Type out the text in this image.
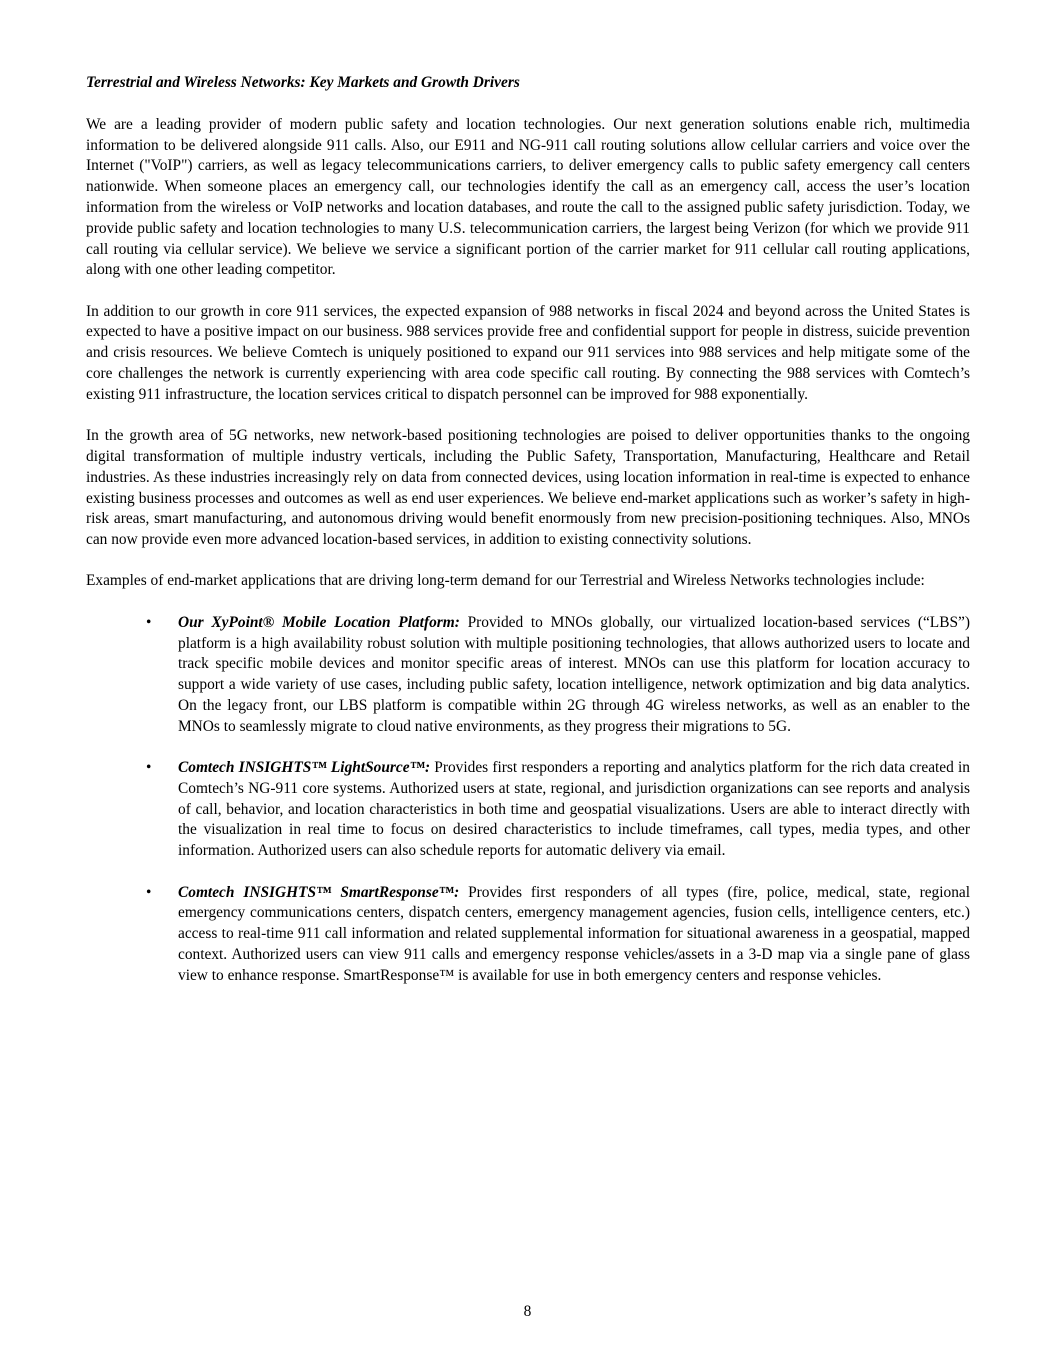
Terrestrial and Wireless Networks: Key Markets and Growth Drivers

We are a leading provider of modern public safety and location technologies. Our next generation solutions enable rich, multimedia information to be delivered alongside 911 calls. Also, our E911 and NG-911 call routing solutions allow cellular carriers and voice over the Internet ("VoIP") carriers, as well as legacy telecommunications carriers, to deliver emergency calls to public safety emergency call centers nationwide. When someone places an emergency call, our technologies identify the call as an emergency call, access the user’s location information from the wireless or VoIP networks and location databases, and route the call to the assigned public safety jurisdiction. Today, we provide public safety and location technologies to many U.S. telecommunication carriers, the largest being Verizon (for which we provide 911 call routing via cellular service). We believe we service a significant portion of the carrier market for 911 cellular call routing applications, along with one other leading competitor.

In addition to our growth in core 911 services, the expected expansion of 988 networks in fiscal 2024 and beyond across the United States is expected to have a positive impact on our business. 988 services provide free and confidential support for people in distress, suicide prevention and crisis resources. We believe Comtech is uniquely positioned to expand our 911 services into 988 services and help mitigate some of the core challenges the network is currently experiencing with area code specific call routing. By connecting the 988 services with Comtech’s existing 911 infrastructure, the location services critical to dispatch personnel can be improved for 988 exponentially.

In the growth area of 5G networks, new network-based positioning technologies are poised to deliver opportunities thanks to the ongoing digital transformation of multiple industry verticals, including the Public Safety, Transportation, Manufacturing, Healthcare and Retail industries. As these industries increasingly rely on data from connected devices, using location information in real-time is expected to enhance existing business processes and outcomes as well as end user experiences. We believe end-market applications such as worker’s safety in high-risk areas, smart manufacturing, and autonomous driving would benefit enormously from new precision-positioning techniques. Also, MNOs can now provide even more advanced location-based services, in addition to existing connectivity solutions.

Examples of end-market applications that are driving long-term demand for our Terrestrial and Wireless Networks technologies include:

• Our XyPoint® Mobile Location Platform: Provided to MNOs globally, our virtualized location-based services (“LBS”) platform is a high availability robust solution with multiple positioning technologies, that allows authorized users to locate and track specific mobile devices and monitor specific areas of interest. MNOs can use this platform for location accuracy to support a wide variety of use cases, including public safety, location intelligence, network optimization and big data analytics. On the legacy front, our LBS platform is compatible within 2G through 4G wireless networks, as well as an enabler to the MNOs to seamlessly migrate to cloud native environments, as they progress their migrations to 5G.
• Comtech INSIGHTS™ LightSource™: Provides first responders a reporting and analytics platform for the rich data created in Comtech’s NG-911 core systems. Authorized users at state, regional, and jurisdiction organizations can see reports and analysis of call, behavior, and location characteristics in both time and geospatial visualizations. Users are able to interact directly with the visualization in real time to focus on desired characteristics to include timeframes, call types, media types, and other information. Authorized users can also schedule reports for automatic delivery via email.
• Comtech INSIGHTS™ SmartResponse™: Provides first responders of all types (fire, police, medical, state, regional emergency communications centers, dispatch centers, emergency management agencies, fusion cells, intelligence centers, etc.) access to real-time 911 call information and related supplemental information for situational awareness in a geospatial, mapped context. Authorized users can view 911 calls and emergency response vehicles/assets in a 3-D map via a single pane of glass view to enhance response. SmartResponse™ is available for use in both emergency centers and response vehicles.
8
